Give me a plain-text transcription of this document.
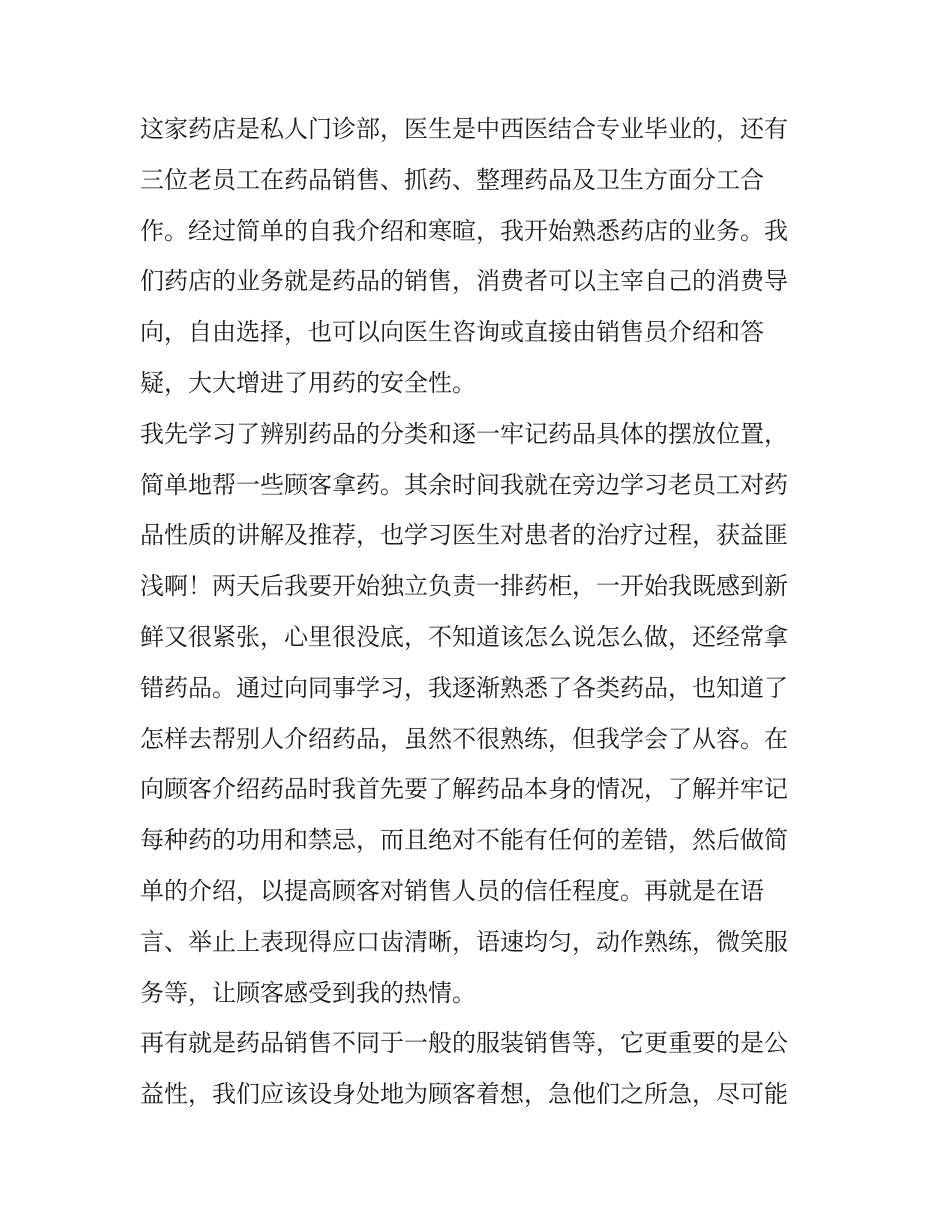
这家药店是私人门诊部，医生是中西医结合专业毕业的，还有
三位老员工在药品销售、抓药、整理药品及卫生方面分工合
作。经过简单的自我介绍和寒暄，我开始熟悉药店的业务。我
们药店的业务就是药品的销售，消费者可以主宰自己的消费导
向，自由选择，也可以向医生咨询或直接由销售员介绍和答
疑，大大增进了用药的安全性。
我先学习了辨别药品的分类和逐一牢记药品具体的摆放位置，
简单地帮一些顾客拿药。其余时间我就在旁边学习老员工对药
品性质的讲解及推荐，也学习医生对患者的治疗过程，获益匪
浅啊！两天后我要开始独立负责一排药柜，一开始我既感到新
鲜又很紧张，心里很没底，不知道该怎么说怎么做，还经常拿
错药品。通过向同事学习，我逐渐熟悉了各类药品，也知道了
怎样去帮别人介绍药品，虽然不很熟练，但我学会了从容。在
向顾客介绍药品时我首先要了解药品本身的情况，了解并牢记
每种药的功用和禁忌，而且绝对不能有任何的差错，然后做简
单的介绍，以提高顾客对销售人员的信任程度。再就是在语
言、举止上表现得应口齿清晰，语速均匀，动作熟练，微笑服
务等，让顾客感受到我的热情。
再有就是药品销售不同于一般的服装销售等，它更重要的是公
益性，我们应该设身处地为顾客着想，急他们之所急，尽可能
